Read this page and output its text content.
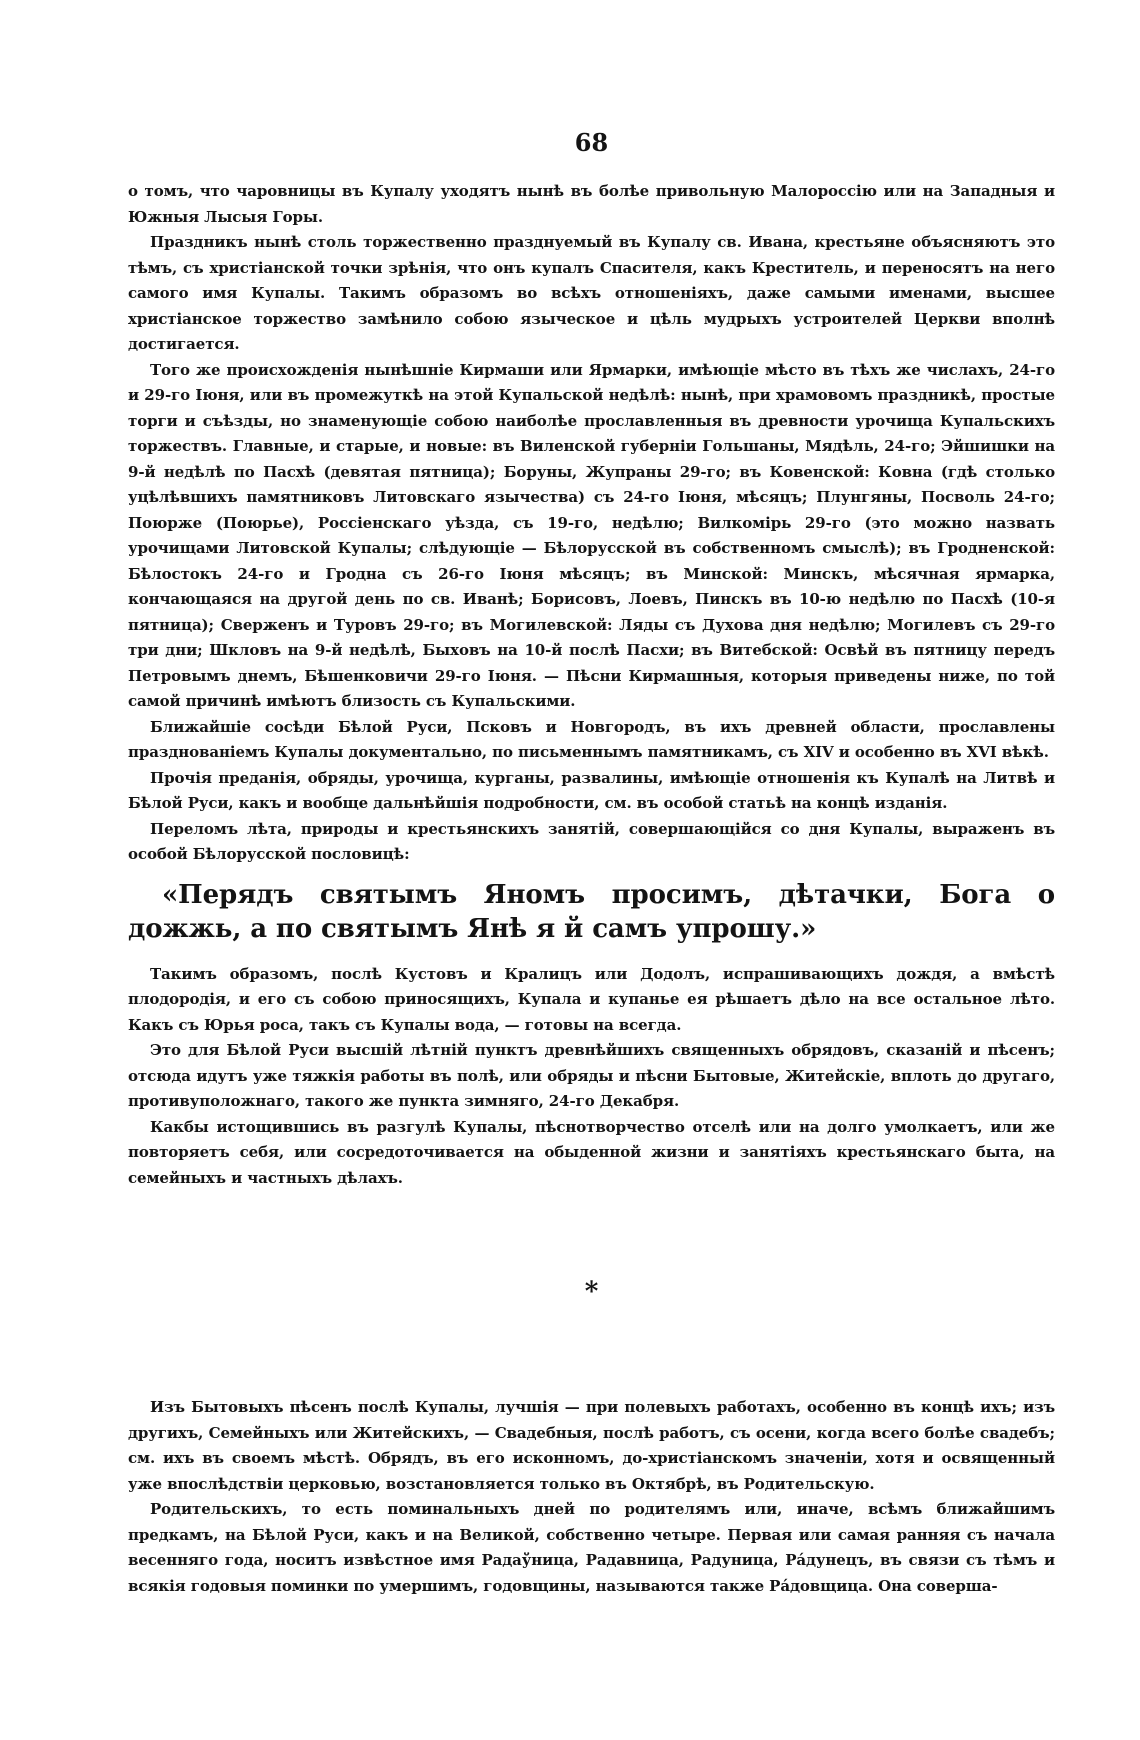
68

о томъ, что чаровницы въ Купалу уходятъ нынѣ въ болѣе привольную Малороссію или на Западныя и Южныя Лысыя Горы.

Праздникъ нынѣ столь торжественно празднуемый въ Купалу св. Ивана, крестьяне объясняютъ это тѣмъ, съ христіанской точки зрѣнія, что онъ купалъ Спасителя, какъ Креститель, и переносятъ на него самого имя Купалы. Такимъ образомъ во всѣхъ отношеніяхъ, даже самыми именами, высшее христіанское торжество замѣнило собою языческое и цѣль мудрыхъ устроителей Церкви вполнѣ достигается.

Того же происхожденія нынѣшніе Кирмаши или Ярмарки, имѣющіе мѣсто въ тѣхъ же числахъ, 24-го и 29-го Іюня, или въ промежуткѣ на этой Купальской недѣлѣ: нынѣ, при храмовомъ праздникѣ, простые торги и съѣзды, но знаменующіе собою наиболѣе прославленныя въ древности урочища Купальскихъ торжествъ. Главные, и старые, и новые: въ Виленской губерніи Гольшаны, Мядѣль, 24-го; Эйшишки на 9-й недѣлѣ по Пасхѣ (девятая пятница); Боруны, Жупраны 29-го; въ Ковенской: Ковна (гдѣ столько уцѣлѣвшихъ памятниковъ Литовскаго язычества) съ 24-го Іюня, мѣсяцъ; Плунгяны, Посволь 24-го; Поюрже (Поюрье), Россіенскаго уѣзда, съ 19-го, недѣлю; Вилкомірь 29-го (это можно назвать урочищами Литовской Купалы; слѣдующіе — Бѣлорусской въ собственномъ смыслѣ); въ Гродненской: Бѣлостокъ 24-го и Гродна съ 26-го Іюня мѣсяцъ; въ Минской: Минскъ, мѣсячная ярмарка, кончающаяся на другой день по св. Иванѣ; Борисовъ, Лоевъ, Пинскъ въ 10-ю недѣлю по Пасхѣ (10-я пятница); Сверженъ и Туровъ 29-го; въ Могилевской: Ляды съ Духова дня недѣлю; Могилевъ съ 29-го три дни; Шкловъ на 9-й недѣлѣ, Быховъ на 10-й послѣ Пасхи; въ Витебской: Освѣй въ пятницу передъ Петровымъ днемъ, Бѣшенковичи 29-го Іюня. — Пѣсни Кирмашныя, которыя приведены ниже, по той самой причинѣ имѣютъ близость съ Купальскими.

Ближайшіе сосѣди Бѣлой Руси, Псковъ и Новгородъ, въ ихъ древней области, прославлены празднованіемъ Купалы документально, по письменнымъ памятникамъ, съ XIV и особенно въ XVI вѣкѣ.

Прочія преданія, обряды, урочища, курганы, развалины, имѣющіе отношенія къ Купалѣ на Литвѣ и Бѣлой Руси, какъ и вообще дальнѣйшія подробности, см. въ особой статьѣ на концѣ изданія.

Переломъ лѣта, природы и крестьянскихъ занятій, совершающійся со дня Купалы, выраженъ въ особой Бѣлорусской пословицѣ:

«Перядъ святымъ Яномъ просимъ, дѣтачки, Бога о дожжь, а по святымъ Янѣ я й самъ упрошу.»

Такимъ образомъ, послѣ Кустовъ и Кралицъ или Додолъ, испрашивающихъ дождя, а вмѣстѣ плодородія, и его съ собою приносящихъ, Купала и купанье ея рѣшаетъ дѣло на все остальное лѣто. Какъ съ Юрья роса, такъ съ Купалы вода, — готовы на всегда.

Это для Бѣлой Руси высшій лѣтній пунктъ древнѣйшихъ священныхъ обрядовъ, сказаній и пѣсенъ; отсюда идутъ уже тяжкія работы въ полѣ, или обряды и пѣсни Бытовые, Житейскіе, вплоть до другаго, противуположнаго, такого же пункта зимняго, 24-го Декабря.

Какбы истощившись въ разгулѣ Купалы, пѣснотворчество отселѣ или на долго умолкаетъ, или же повторяетъ себя, или сосредоточивается на обыденной жизни и занятіяхъ крестьянскаго быта, на семейныхъ и частныхъ дѣлахъ.

*

Изъ Бытовыхъ пѣсенъ послѣ Купалы, лучшія — при полевыхъ работахъ, особенно въ концѣ ихъ; изъ другихъ, Семейныхъ или Житейскихъ, — Свадебныя, послѣ работъ, съ осени, когда всего болѣе свадебъ; см. ихъ въ своемъ мѣстѣ. Обрядъ, въ его исконномъ, до-христіанскомъ значеніи, хотя и освященный уже впослѣдствіи церковью, возстановляется только въ Октябрѣ, въ Родительскую.

Родительскихъ, то есть поминальныхъ дней по родителямъ или, иначе, всѣмъ ближайшимъ предкамъ, на Бѣлой Руси, какъ и на Великой, собственно четыре. Первая или самая ранняя съ начала весенняго года, носитъ извѣстное имя Радаўница, Радавница, Радуница, Рáдунецъ, въ связи съ тѣмъ и всякія годовыя поминки по умершимъ, годовщины, называются также Рáдовщица. Она соверша-
